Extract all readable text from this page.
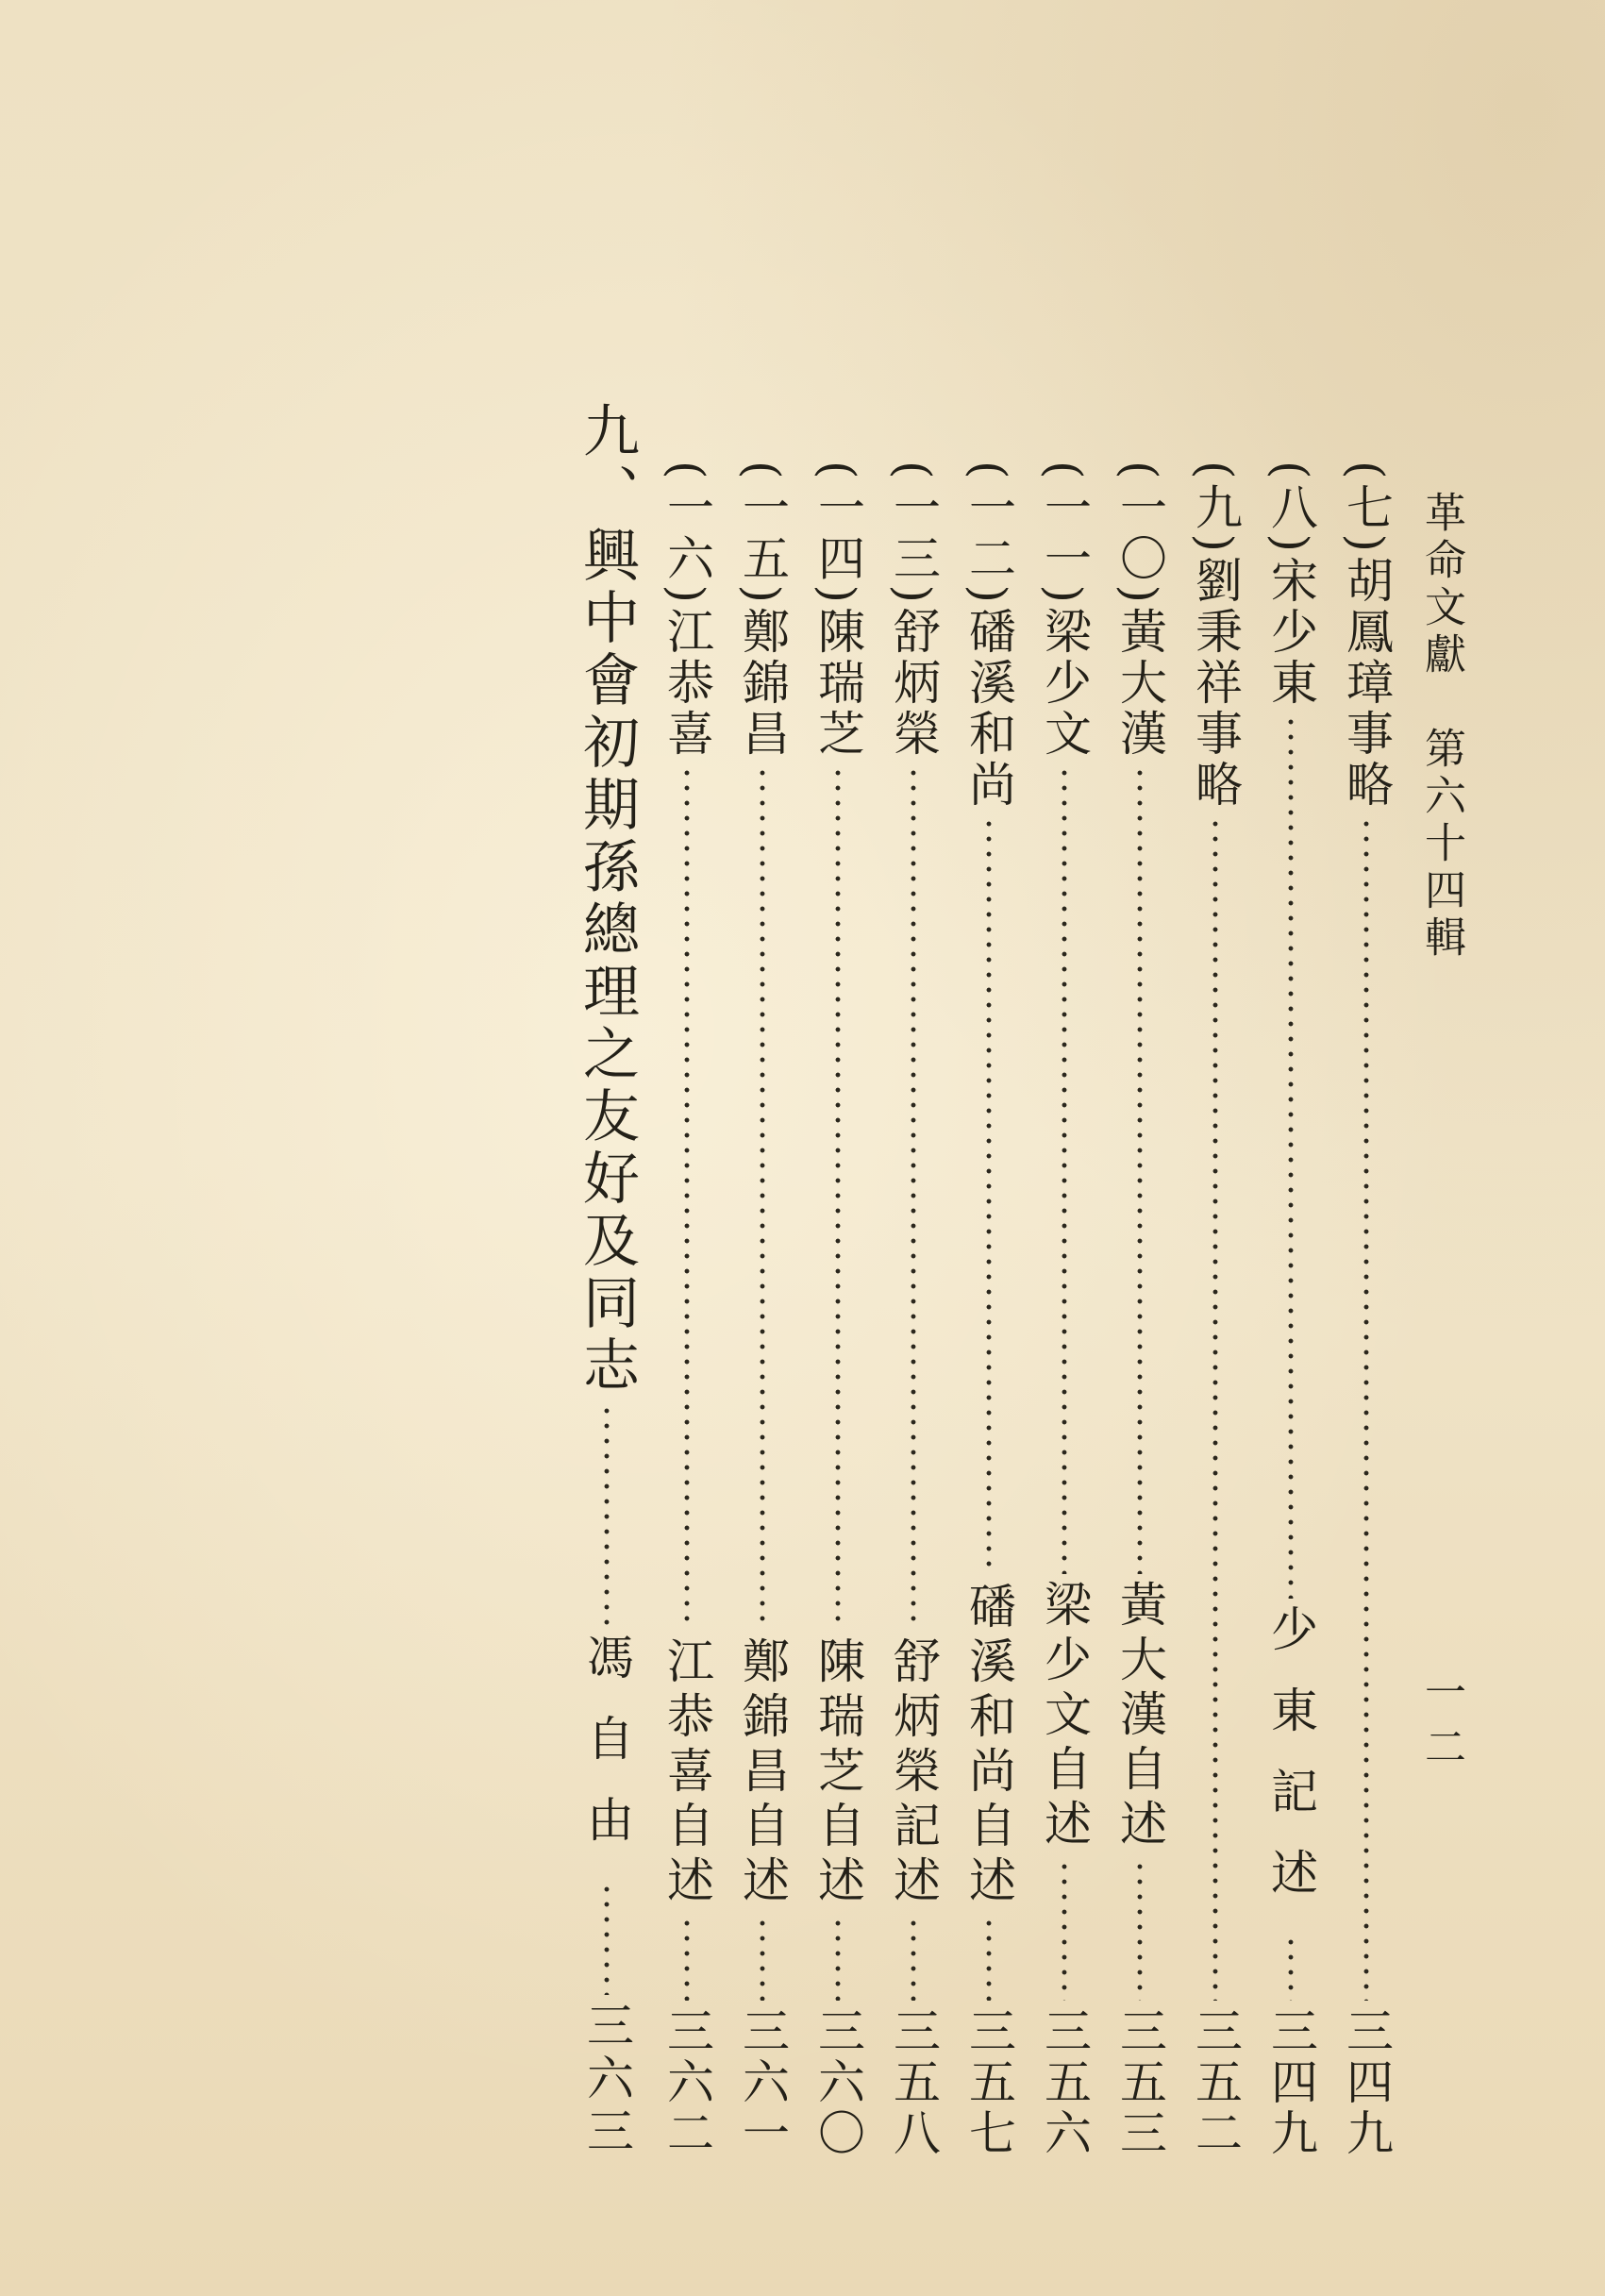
革命文獻　第六十四輯
一二
(七)胡鳳璋事略
三四九
(八)宋少東
少東記述
三四九
(九)劉秉祥事略
三五二
(一〇)黃大漢
黃大漢自述
三五三
(一一)梁少文
梁少文自述
三五六
(一二)磻溪和尚
磻溪和尚自述
三五七
(一三)舒炳榮
舒炳榮記述
三五八
(一四)陳瑞芝
陳瑞芝自述
三六〇
(一五)鄭錦昌
鄭錦昌自述
三六一
(一六)江恭喜
江恭喜自述
三六二
九、興中會初期孫總理之友好及同志
馮自由
三六三
